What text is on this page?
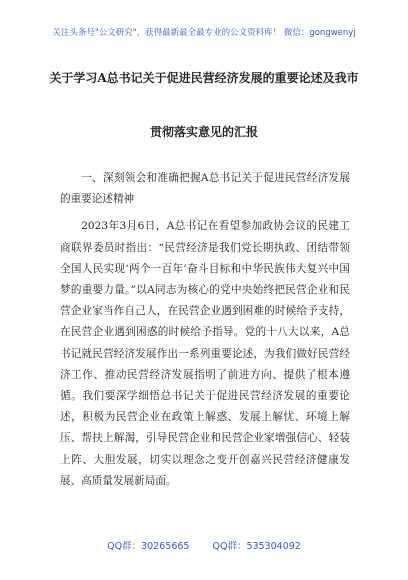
关注头条号"公文研究"，获得最新最全最专业的公文资料库！ 微信：gongwenyj
关于学习A总书记关于促进民营经济发展的重要论述及我市
贯彻落实意见的汇报

一、深刻领会和准确把握A总书记关于促进民营经济发展的重要论述精神

2023年3月6日，A总书记在看望参加政协会议的民建工商联界委员时指出：“民营经济是我们党长期执政、团结带领全国人民实现‘两个一百年’奋斗目标和中华民族伟大复兴中国梦的重要力量。”以A同志为核心的党中央始终把民营企业和民营企业家当作自己人，在民营企业遇到困难的时候给予支持，在民营企业遇到困惑的时候给予指导。党的十八大以来，A总书记就民营经济发展作出一系列重要论述，为我们做好民营经济工作、推动民营经济发展指明了前进方向、提供了根本遵循。我们要深学细悟总书记关于促进民营经济发展的重要论述，积极为民营企业在政策上解惑、发展上解忧、环境上解压、帮扶上解渴，引导民营企业和民营企业家增强信心、轻装上阵、大胆发展，切实以理念之变开创嘉兴民营经济健康发展、高质量发展新局面。

QQ群：30265665 QQ群：535304092
